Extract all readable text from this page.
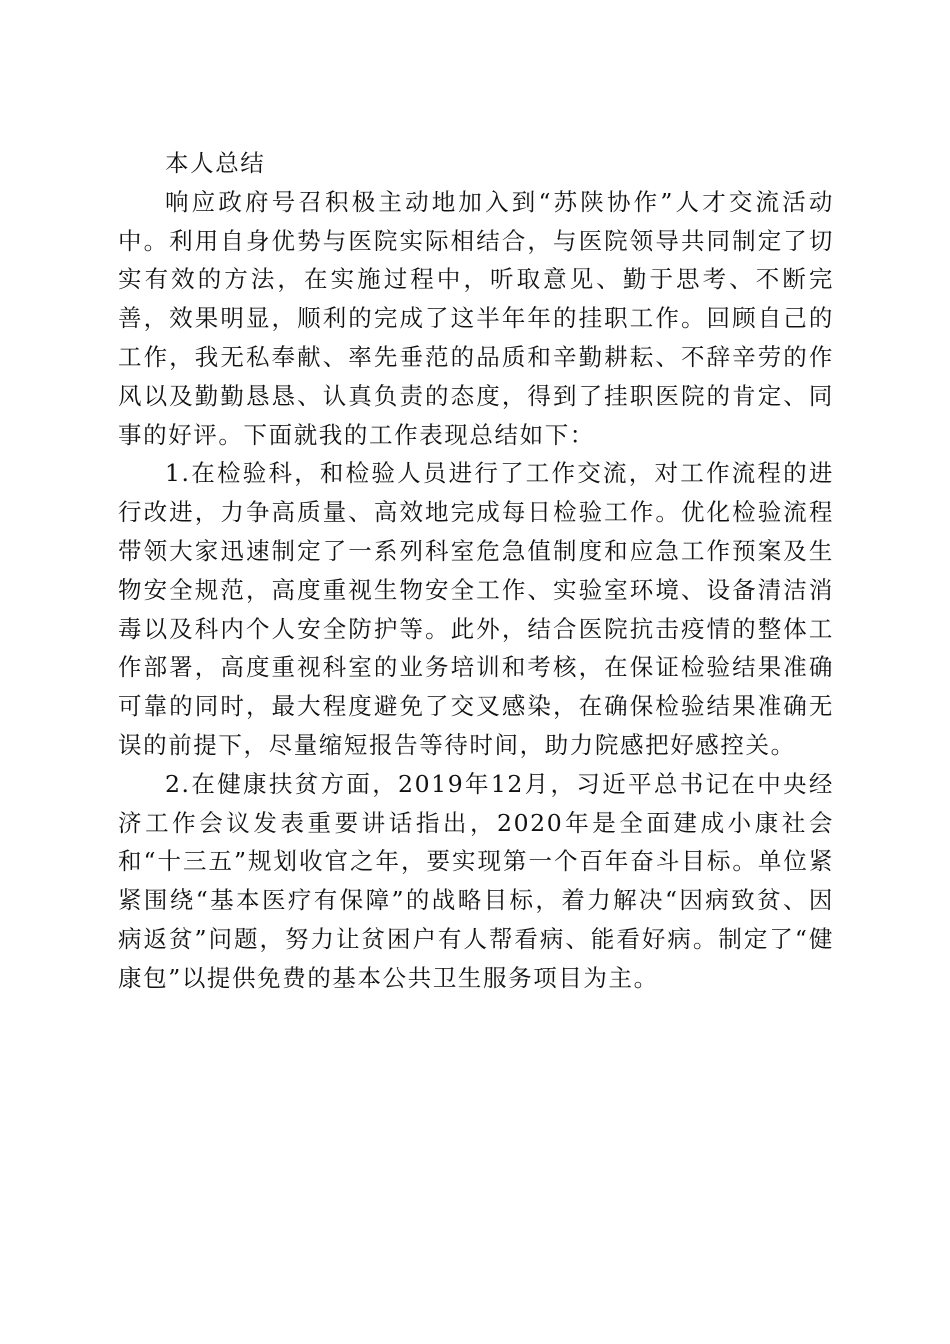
本人总结

响应政府号召积极主动地加入到“苏陕协作”人才交流活动中。利用自身优势与医院实际相结合，与医院领导共同制定了切实有效的方法，在实施过程中，听取意见、勤于思考、不断完善，效果明显，顺利的完成了这半年年的挂职工作。回顾自己的工作，我无私奉献、率先垂范的品质和辛勤耕耘、不辞辛劳的作风以及勤勤恳恳、认真负责的态度，得到了挂职医院的肯定、同事的好评。下面就我的工作表现总结如下：

1.在检验科，和检验人员进行了工作交流，对工作流程的进行改进，力争高质量、高效地完成每日检验工作。优化检验流程带领大家迅速制定了一系列科室危急值制度和应急工作预案及生物安全规范，高度重视生物安全工作、实验室环境、设备清洁消毒以及科内个人安全防护等。此外，结合医院抗击疫情的整体工作部署，高度重视科室的业务培训和考核，在保证检验结果准确可靠的同时，最大程度避免了交叉感染，在确保检验结果准确无误的前提下，尽量缩短报告等待时间，助力院感把好感控关。

2.在健康扶贫方面，2019年12月，习近平总书记在中央经济工作会议发表重要讲话指出，2020年是全面建成小康社会和“十三五”规划收官之年，要实现第一个百年奋斗目标。单位紧紧围绕“基本医疗有保障”的战略目标，着力解决“因病致贫、因病返贫”问题，努力让贫困户有人帮看病、能看好病。制定了“健康包”以提供免费的基本公共卫生服务项目为主。
